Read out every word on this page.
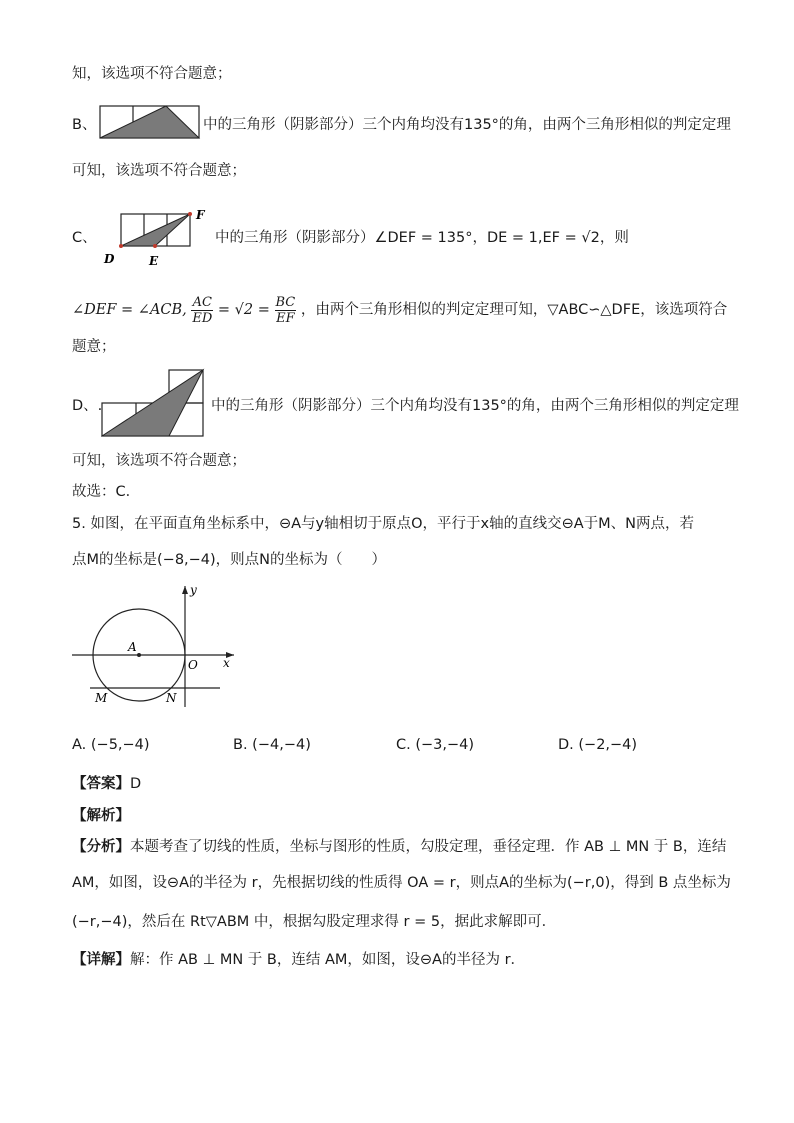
知，该选项不符合题意；
B、	中的三角形（阴影部分）三个内角均没有135°的角，由两个三角形相似的判定定理
可知，该选项不符合题意；
C、
D	E
F
中的三角形（阴影部分）∠DEF = 135°，DE = 1,EF = √2，则
∠DEF = ∠ACB, $\frac{AC}{ED} = √2 = \frac{BC}{EF}$ ，由两个三角形相似的判定定理可知，▽ABC∽△DFE，该选项符合
题意；
D、.	中的三角形（阴影部分）三个内角均没有135°的角，由两个三角形相似的判定定理
可知，该选项不符合题意；
故选：C．
5. 如图，在平面直角坐标系中，⊖A与y轴相切于原点O，平行于x轴的直线交⊖A于M、N两点，若
点M的坐标是(−8,−4)，则点N的坐标为（　　）
y
A
O x
M	N
A. (−5,−4)	B. (−4,−4)	C. (−3,−4)	D. (−2,−4)
【答案】D
【解析】
【分析】本题考查了切线的性质，坐标与图形的性质，勾股定理，垂径定理．作 AB ⊥ MN 于 B，连结
AM，如图，设⊖A的半径为 r，先根据切线的性质得 OA = r，则点A的坐标为(−r,0)，得到 B 点坐标为
(−r,−4)，然后在 Rt▽ABM 中，根据勾股定理求得 r = 5，据此求解即可．
【详解】解：作 AB ⊥ MN 于 B，连结 AM，如图，设⊖A的半径为 r．
